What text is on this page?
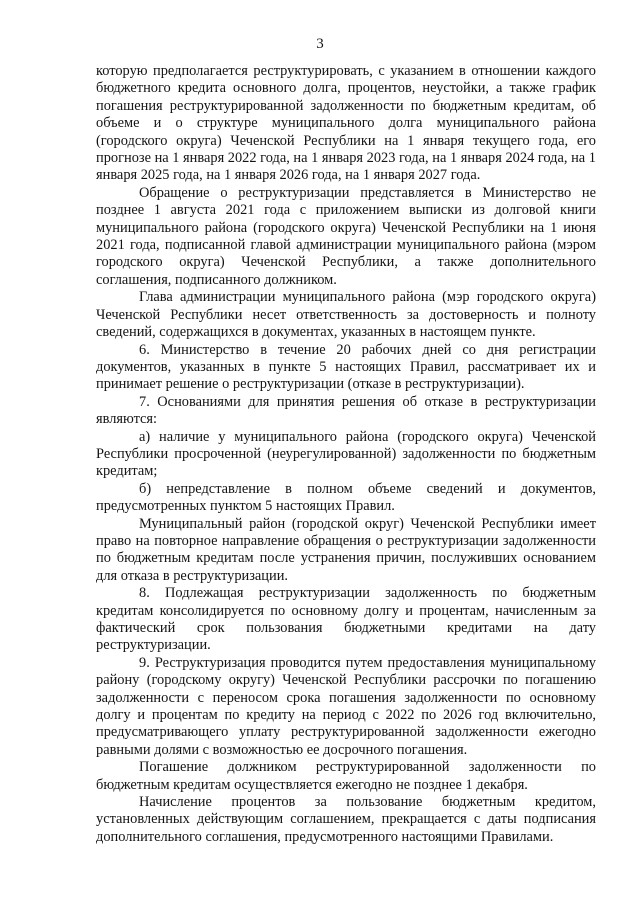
3

которую предполагается реструктурировать, с указанием в отношении каждого бюджетного кредита основного долга, процентов, неустойки, а также график погашения реструктурированной задолженности по бюджетным кредитам, об объеме и о структуре муниципального долга муниципального района (городского округа) Чеченской Республики на 1 января текущего года, его прогнозе на 1 января 2022 года, на 1 января 2023 года, на 1 января 2024 года, на 1 января 2025 года, на 1 января 2026 года, на 1 января 2027 года.

Обращение о реструктуризации представляется в Министерство не позднее 1 августа 2021 года с приложением выписки из долговой книги муниципального района (городского округа) Чеченской Республики на 1 июня 2021 года, подписанной главой администрации муниципального района (мэром городского округа) Чеченской Республики, а также дополнительного соглашения, подписанного должником.

Глава администрации муниципального района (мэр городского округа) Чеченской Республики несет ответственность за достоверность и полноту сведений, содержащихся в документах, указанных в настоящем пункте.

6. Министерство в течение 20 рабочих дней со дня регистрации документов, указанных в пункте 5 настоящих Правил, рассматривает их и принимает решение о реструктуризации (отказе в реструктуризации).

7. Основаниями для принятия решения об отказе в реструктуризации являются:

а) наличие у муниципального района (городского округа) Чеченской Республики просроченной (неурегулированной) задолженности по бюджетным кредитам;

б) непредставление в полном объеме сведений и документов, предусмотренных пунктом 5 настоящих Правил.

Муниципальный район (городской округ) Чеченской Республики имеет право на повторное направление обращения о реструктуризации задолженности по бюджетным кредитам после устранения причин, послуживших основанием для отказа в реструктуризации.

8. Подлежащая реструктуризации задолженность по бюджетным кредитам консолидируется по основному долгу и процентам, начисленным за фактический срок пользования бюджетными кредитами на дату реструктуризации.

9. Реструктуризация проводится путем предоставления муниципальному району (городскому округу) Чеченской Республики рассрочки по погашению задолженности с переносом срока погашения задолженности по основному долгу и процентам по кредиту на период с 2022 по 2026 год включительно, предусматривающего уплату реструктурированной задолженности ежегодно равными долями с возможностью ее досрочного погашения.

Погашение должником реструктурированной задолженности по бюджетным кредитам осуществляется ежегодно не позднее 1 декабря.

Начисление процентов за пользование бюджетным кредитом, установленных действующим соглашением, прекращается с даты подписания дополнительного соглашения, предусмотренного настоящими Правилами.
